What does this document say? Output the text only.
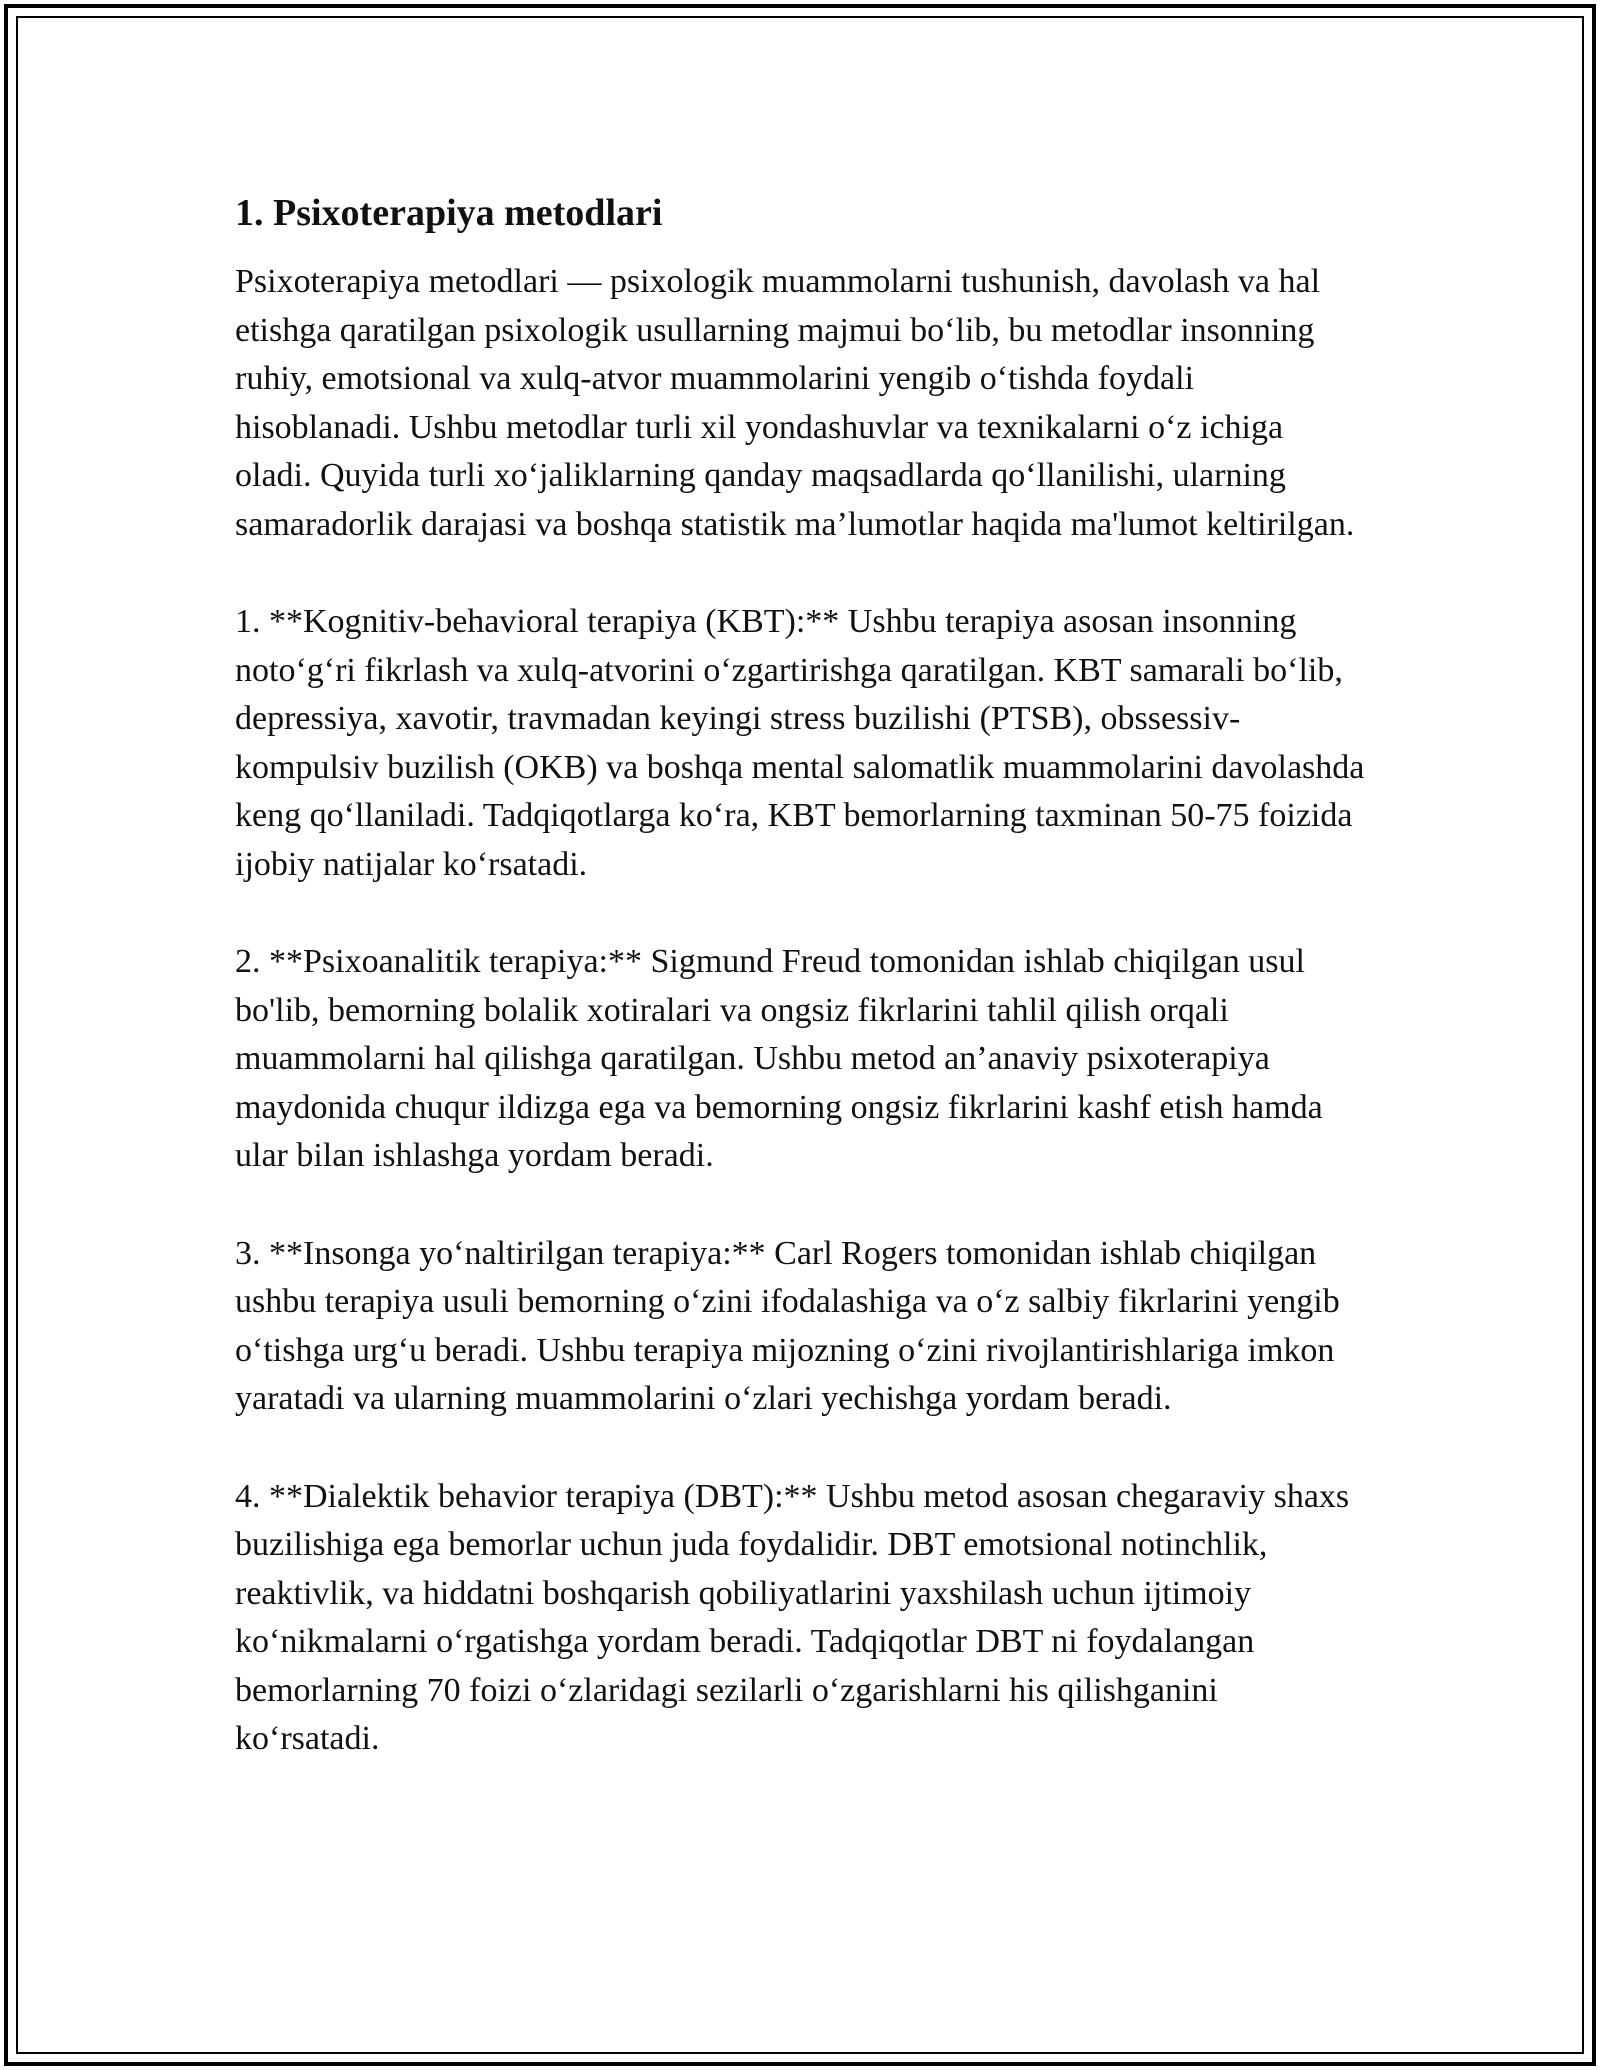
1. Psixoterapiya metodlari

Psixoterapiya metodlari — psixologik muammolarni tushunish, davolash va hal etishga qaratilgan psixologik usullarning majmui bo‘lib, bu metodlar insonning ruhiy, emotsional va xulq-atvor muammolarini yengib o‘tishda foydali hisoblanadi. Ushbu metodlar turli xil yondashuvlar va texnikalarni o‘z ichiga oladi. Quyida turli xo‘jaliklarning qanday maqsadlarda qo‘llanilishi, ularning samaradorlik darajasi va boshqa statistik ma’lumotlar haqida ma'lumot keltirilgan.

1. **Kognitiv-behavioral terapiya (KBT):** Ushbu terapiya asosan insonning noto‘g‘ri fikrlash va xulq-atvorini o‘zgartirishga qaratilgan. KBT samarali bo‘lib, depressiya, xavotir, travmadan keyingi stress buzilishi (PTSB), obssessiv-kompulsiv buzilish (OKB) va boshqa mental salomatlik muammolarini davolashda keng qo‘llaniladi. Tadqiqotlarga ko‘ra, KBT bemorlarning taxminan 50-75 foizida ijobiy natijalar ko‘rsatadi.

2. **Psixoanalitik terapiya:** Sigmund Freud tomonidan ishlab chiqilgan usul bo'lib, bemorning bolalik xotiralari va ongsiz fikrlarini tahlil qilish orqali muammolarni hal qilishga qaratilgan. Ushbu metod an’anaviy psixoterapiya maydonida chuqur ildizga ega va bemorning ongsiz fikrlarini kashf etish hamda ular bilan ishlashga yordam beradi.

3. **Insonga yo‘naltirilgan terapiya:** Carl Rogers tomonidan ishlab chiqilgan ushbu terapiya usuli bemorning o‘zini ifodalashiga va o‘z salbiy fikrlarini yengib o‘tishga urg‘u beradi. Ushbu terapiya mijozning o‘zini rivojlantirishlariga imkon yaratadi va ularning muammolarini o‘zlari yechishga yordam beradi.

4. **Dialektik behavior terapiya (DBT):** Ushbu metod asosan chegaraviy shaxs buzilishiga ega bemorlar uchun juda foydalidir. DBT emotsional notinchlik, reaktivlik, va hiddatni boshqarish qobiliyatlarini yaxshilash uchun ijtimoiy ko‘nikmalarni o‘rgatishga yordam beradi. Tadqiqotlar DBT ni foydalangan bemorlarning 70 foizi o‘zlaridagi sezilarli o‘zgarishlarni his qilishganini ko‘rsatadi.
